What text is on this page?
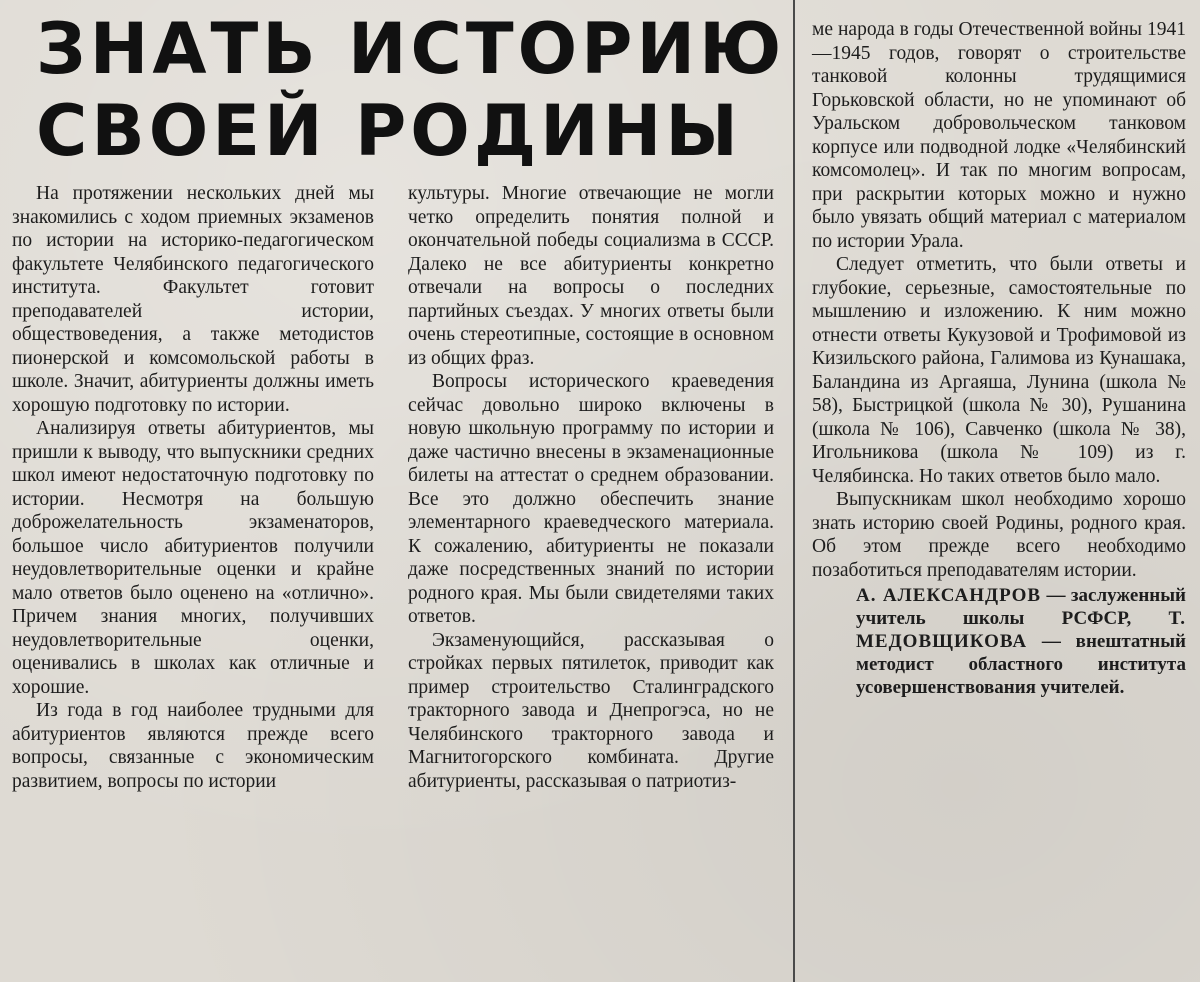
ЗНАТЬ ИСТОРИЮ
СВОЕЙ РОДИНЫ

На протяжении нескольких дней мы знакомились с ходом приемных экзаменов по истории на историко-педагогическом факультете Челябинского педагогического института. Факультет готовит преподавателей истории, обществоведения, а также методистов пионерской и комсомольской работы в школе. Значит, абитуриенты должны иметь хорошую подготовку по истории.

Анализируя ответы абитуриентов, мы пришли к выводу, что выпускники средних школ имеют недостаточную подготовку по истории. Несмотря на большую доброжелательность экзаменаторов, большое число абитуриентов получили неудовлетворительные оценки и крайне мало ответов было оценено на «отлично». Причем знания многих, получивших неудовлетворительные оценки, оценивались в школах как отличные и хорошие.

Из года в год наиболее трудными для абитуриентов являются прежде всего вопросы, связанные с экономическим развитием, вопросы по истории

культуры. Многие отвечающие не могли четко определить понятия полной и окончательной победы социализма в СССР. Далеко не все абитуриенты конкретно отвечали на вопросы о последних партийных съездах. У многих ответы были очень стереотипные, состоящие в основном из общих фраз.

Вопросы исторического краеведения сейчас довольно широко включены в новую школьную программу по истории и даже частично внесены в экзаменационные билеты на аттестат о среднем образовании. Все это должно обеспечить знание элементарного краеведческого материала. К сожалению, абитуриенты не показали даже посредственных знаний по истории родного края. Мы были свидетелями таких ответов.

Экзаменующийся, рассказывая о стройках первых пятилеток, приводит как пример строительство Сталинградского тракторного завода и Днепрогэса, но не Челябинского тракторного завода и Магнитогорского комбината. Другие абитуриенты, рассказывая о патриотиз-

ме народа в годы Отечественной войны 1941—1945 годов, говорят о строительстве танковой колонны трудящимися Горьковской области, но не упоминают об Уральском добровольческом танковом корпусе или подводной лодке «Челябинский комсомолец». И так по многим вопросам, при раскрытии которых можно и нужно было увязать общий материал с материалом по истории Урала.

Следует отметить, что были ответы и глубокие, серьезные, самостоятельные по мышлению и изложению. К ним можно отнести ответы Кукузовой и Трофимовой из Кизильского района, Галимова из Кунашака, Баландина из Аргаяша, Лунина (школа № 58), Быстрицкой (школа № 30), Рушанина (школа № 106), Савченко (школа № 38), Игольникова (школа № 109) из г. Челябинска. Но таких ответов было мало.

Выпускникам школ необходимо хорошо знать историю своей Родины, родного края. Об этом прежде всего необходимо позаботиться преподавателям истории.

А. АЛЕКСАНДРОВ — заслуженный учитель школы РСФСР, Т. МЕДОВЩИКОВА — внештатный методист областного института усовершенствования учителей.
